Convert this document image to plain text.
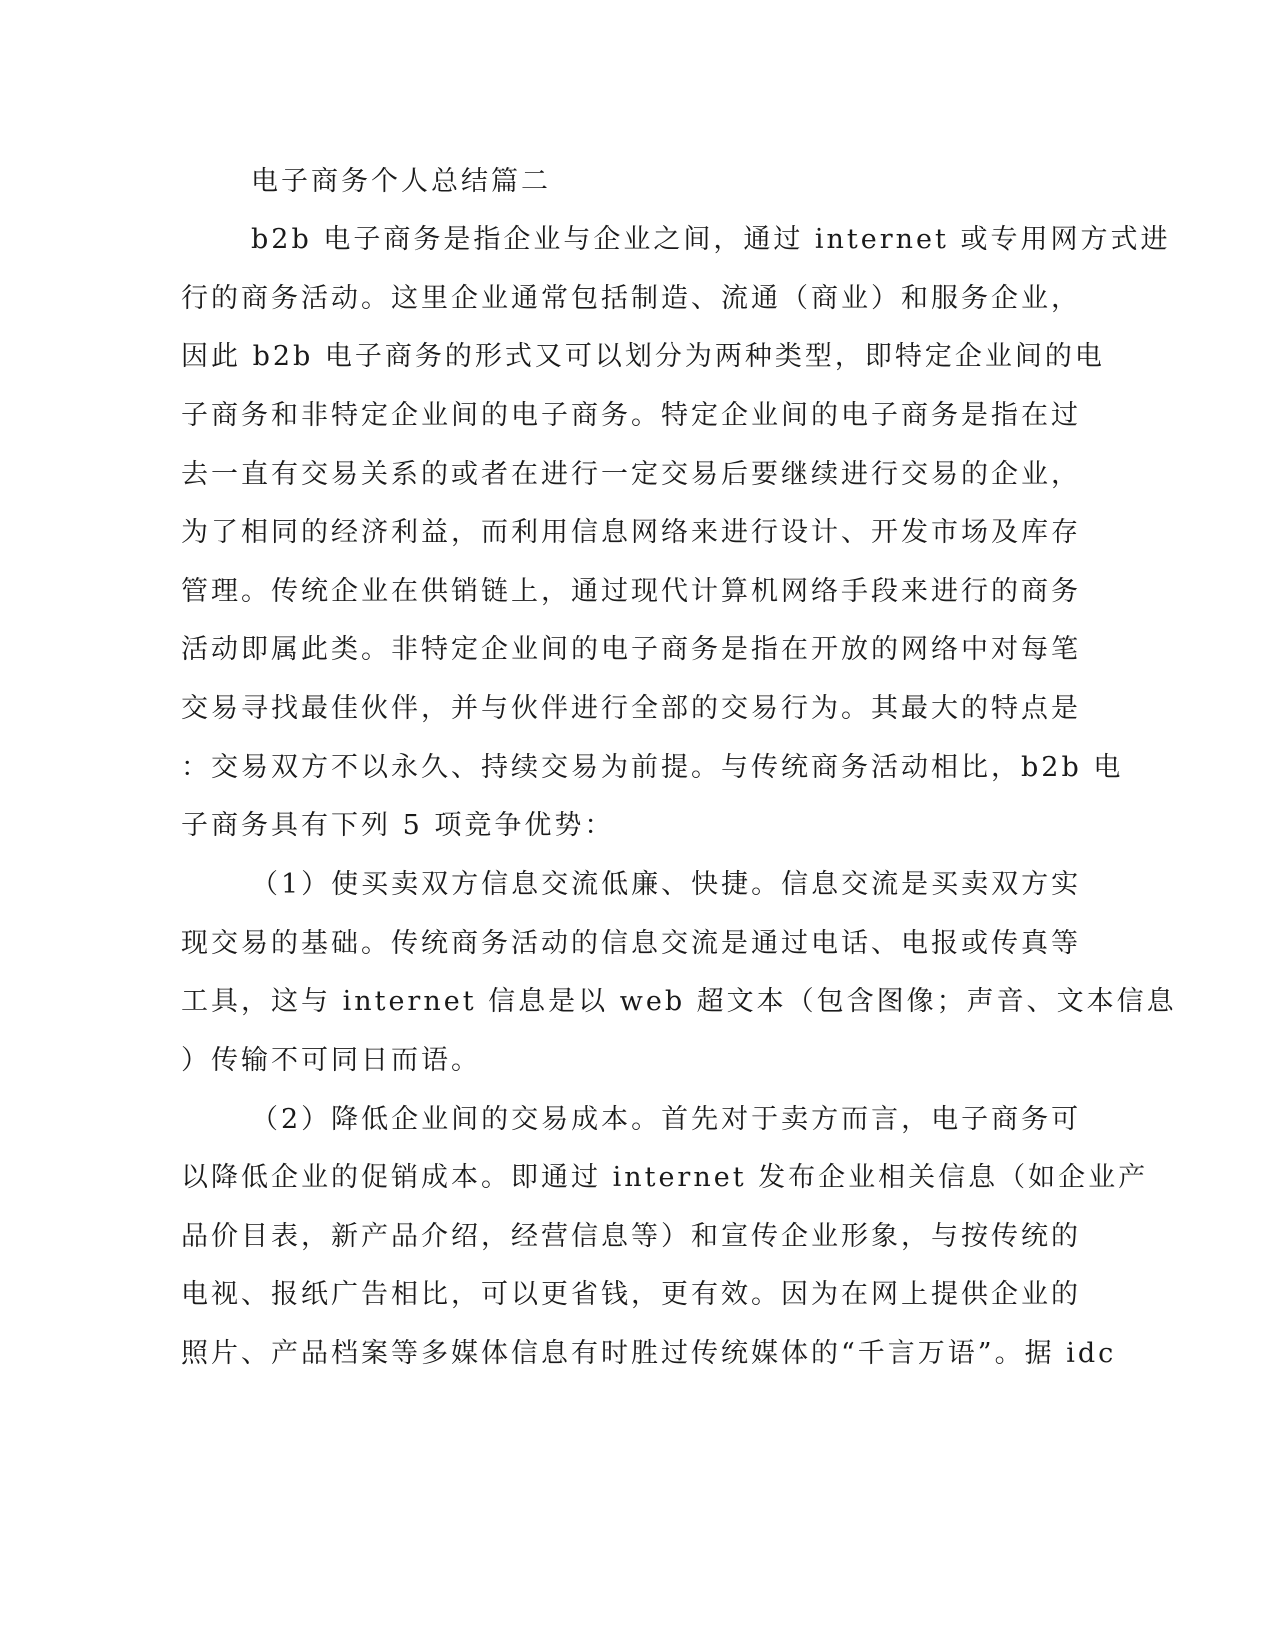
电子商务个人总结篇二
b2b 电子商务是指企业与企业之间，通过 internet 或专用网方式进
行的商务活动。这里企业通常包括制造、流通（商业）和服务企业，
因此 b2b 电子商务的形式又可以划分为两种类型，即特定企业间的电
子商务和非特定企业间的电子商务。特定企业间的电子商务是指在过
去一直有交易关系的或者在进行一定交易后要继续进行交易的企业，
为了相同的经济利益，而利用信息网络来进行设计、开发市场及库存
管理。传统企业在供销链上，通过现代计算机网络手段来进行的商务
活动即属此类。非特定企业间的电子商务是指在开放的网络中对每笔
交易寻找最佳伙伴，并与伙伴进行全部的交易行为。其最大的特点是
：交易双方不以永久、持续交易为前提。与传统商务活动相比，b2b 电
子商务具有下列 5 项竞争优势：
（1）使买卖双方信息交流低廉、快捷。信息交流是买卖双方实
现交易的基础。传统商务活动的信息交流是通过电话、电报或传真等
工具，这与 internet 信息是以 web 超文本（包含图像；声音、文本信息
）传输不可同日而语。
（2）降低企业间的交易成本。首先对于卖方而言，电子商务可
以降低企业的促销成本。即通过 internet 发布企业相关信息（如企业产
品价目表，新产品介绍，经营信息等）和宣传企业形象，与按传统的
电视、报纸广告相比，可以更省钱，更有效。因为在网上提供企业的
照片、产品档案等多媒体信息有时胜过传统媒体的“千言万语”。据 idc
